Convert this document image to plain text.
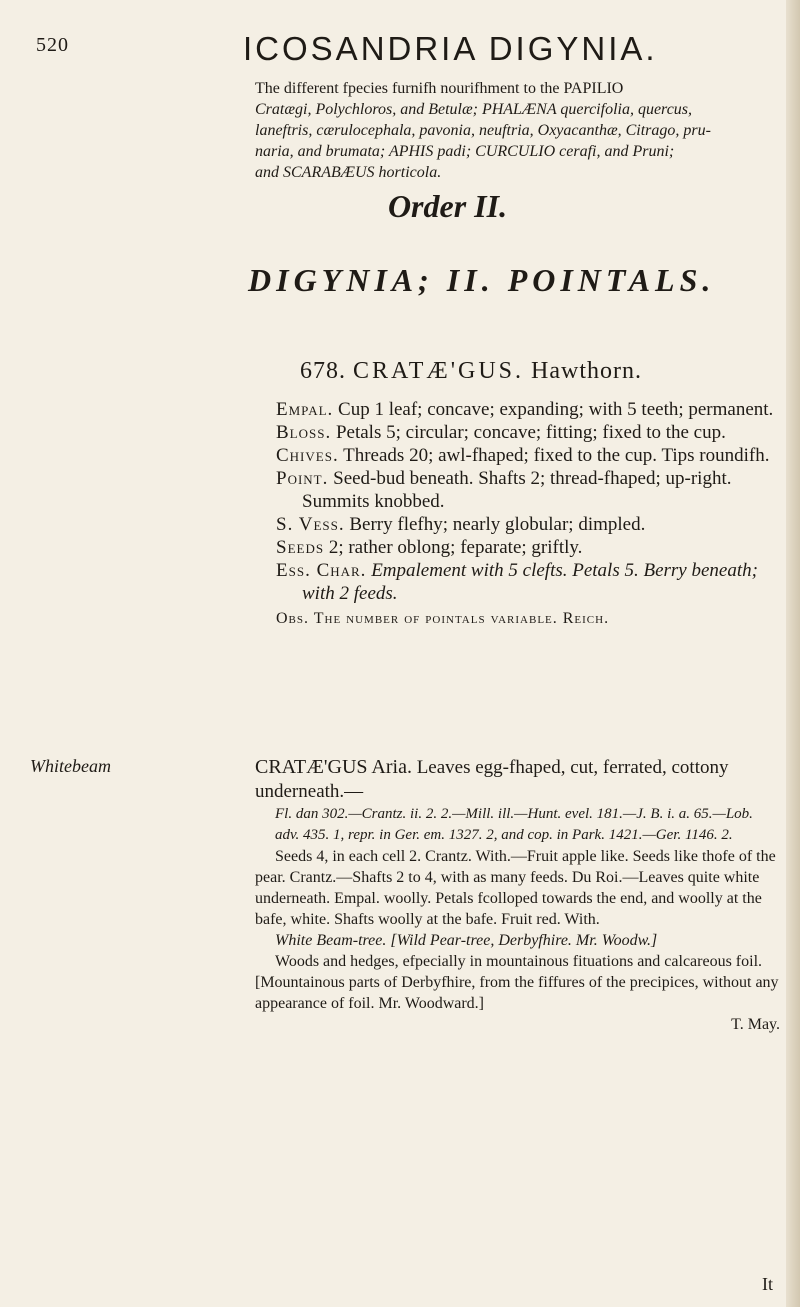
520	ICOSANDRIA DIGYNIA.
The different fpecies furnifh nourifhment to the PAPILIO
Cratægi, Polychloros, and Betulæ; PHALÆNA quercifolia, quercus,
laneftris, cærulocephala, pavonia, neuftria, Oxyacanthæ, Citrago, pru-
naria, and brumata; APHIS padi; CURCULIO cerafi, and Pruni;
and SCARABÆUS horticola.
Order II.
DIGYNIA; II. POINTALS.
678. CRATÆ'GUS. Hawthorn.

Empal. Cup 1 leaf; concave; expanding; with 5 teeth; permanent.

Bloss. Petals 5; circular; concave; fitting; fixed to the cup.

Chives. Threads 20; awl-fhaped; fixed to the cup. Tips roundifh.

Point. Seed-bud beneath. Shafts 2; thread-fhaped; up-right. Summits knobbed.

S. Vess. Berry flefhy; nearly globular; dimpled.

Seeds 2; rather oblong; feparate; griftly.

Ess. Char. Empalement with 5 clefts. Petals 5. Berry beneath; with 2 feeds.

Obs. The number of pointals variable. Reich.

Whitebeam	CRATÆ'GUS Aria. Leaves egg-fhaped, cut, ferrated, cottony underneath.—

Fl. dan 302.—Crantz. ii. 2. 2.—Mill. ill.—Hunt. evel. 181.—J. B. i. a. 65.—Lob. adv. 435. 1, repr. in Ger. em. 1327. 2, and cop. in Park. 1421.—Ger. 1146. 2.

Seeds 4, in each cell 2. Crantz. With.—Fruit apple like. Seeds like thofe of the pear. Crantz.—Shafts 2 to 4, with as many feeds. Du Roi.—Leaves quite white underneath. Empal. woolly. Petals fcolloped towards the end, and woolly at the bafe, white. Shafts woolly at the bafe. Fruit red. With.

White Beam-tree. [Wild Pear-tree, Derbyfhire. Mr. Woodw.]

Woods and hedges, efpecially in mountainous fituations and calcareous foil. [Mountainous parts of Derbyfhire, from the fiffures of the precipices, without any appearance of foil. Mr. Woodward.]

T. May.

It
